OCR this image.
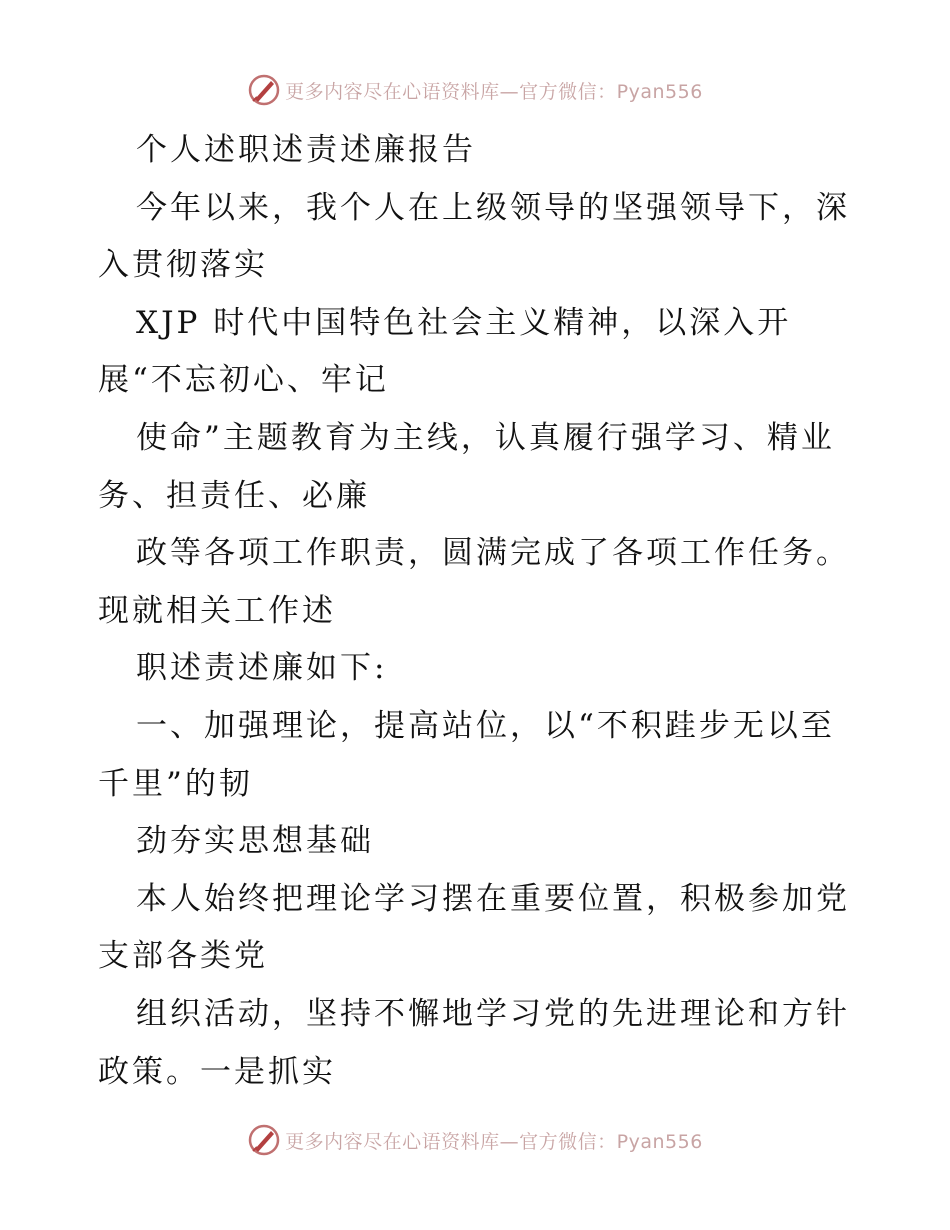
更多内容尽在心语资料库—官方微信：Pyan556
个人述职述责述廉报告
今年以来，我个人在上级领导的坚强领导下，深
入贯彻落实
XJP 时代中国特色社会主义精神，以深入开
展“不忘初心、牢记
使命”主题教育为主线，认真履行强学习、精业
务、担责任、必廉
政等各项工作职责，圆满完成了各项工作任务。
现就相关工作述
职述责述廉如下:
一、加强理论，提高站位，以“不积跬步无以至
千里”的韧
劲夯实思想基础
本人始终把理论学习摆在重要位置，积极参加党
支部各类党
组织活动，坚持不懈地学习党的先进理论和方针
政策。一是抓实
更多内容尽在心语资料库—官方微信：Pyan556
